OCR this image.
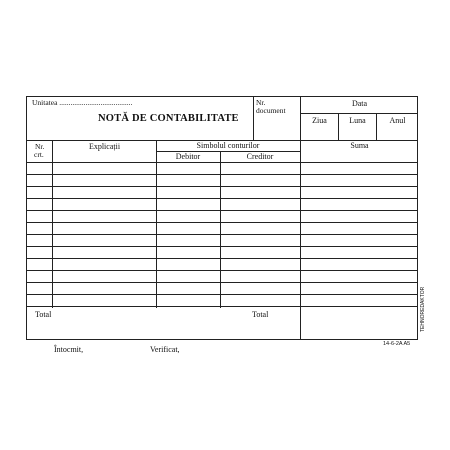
Unitatea .......................................
NOTĂ DE CONTABILITATE
Nr.
document
Data
Ziua	Luna	Anul
Nr.
crt.
Explicații	Simbolul conturilor
Debitor	Creditor
Suma
Total	Total
Întocmit,	Verificat,
14-6-2A A5
TEHNOREDAKTOR
